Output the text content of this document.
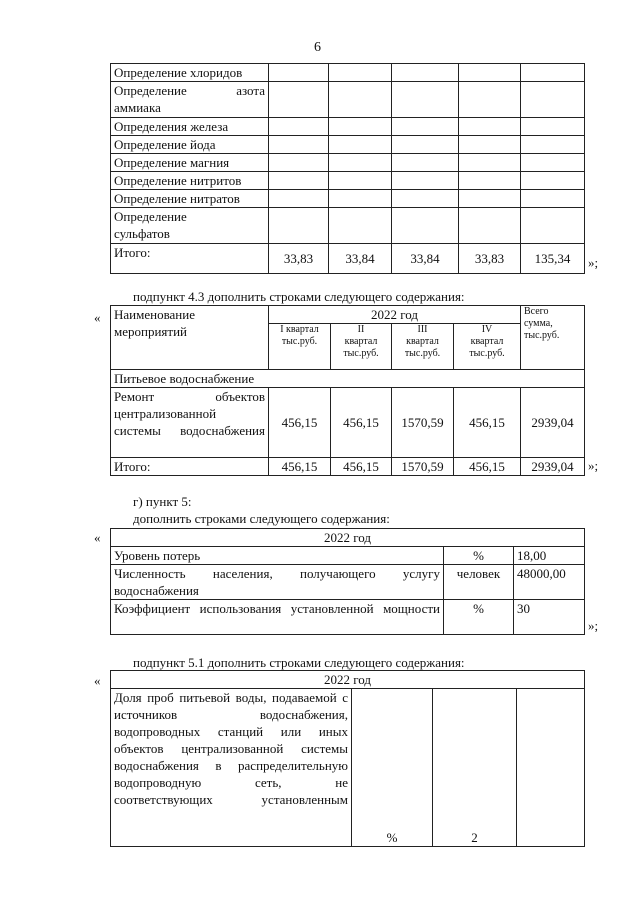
6
Определение хлоридов					
Определение азота аммиака					
Определения железа					
Определение йода					
Определение магния					
Определение нитритов					
Определение нитратов					

Определение сульфатов					

Итого:	33,83	33,84	33,84	33,83	135,34 »;
подпункт 4.3 дополнить строками следующего содержания:
« Наименование мероприятий	2022 год				Всего сумма, тыс.руб.

	I квартал тыс.руб.	II квартал тыс.руб.	III квартал тыс.руб.	IV квартал тыс.руб.	

Питьевое водоснабжение					
Ремонт объектов централизованной системы водоснабжения	456,15	456,15	1570,59	456,15	2939,04
Итого:	456,15	456,15	1570,59	456,15	2939,04 »;
г) пункт 5:
дополнить строками следующего содержания:
«	2022 год		
Уровень потерь	%	18,00
Численность населения, получающего услугу водоснабжения	человек	48000,00
Коэффициент использования установленной мощности	%	30
»;
подпункт 5.1 дополнить строками следующего содержания:
«	2022 год
Доля проб питьевой воды, подаваемой с источников водоснабжения, водопроводных станций или иных объектов централизованной системы водоснабжения в распределительную водопроводную сеть, не соответствующих установленным	%	2	
